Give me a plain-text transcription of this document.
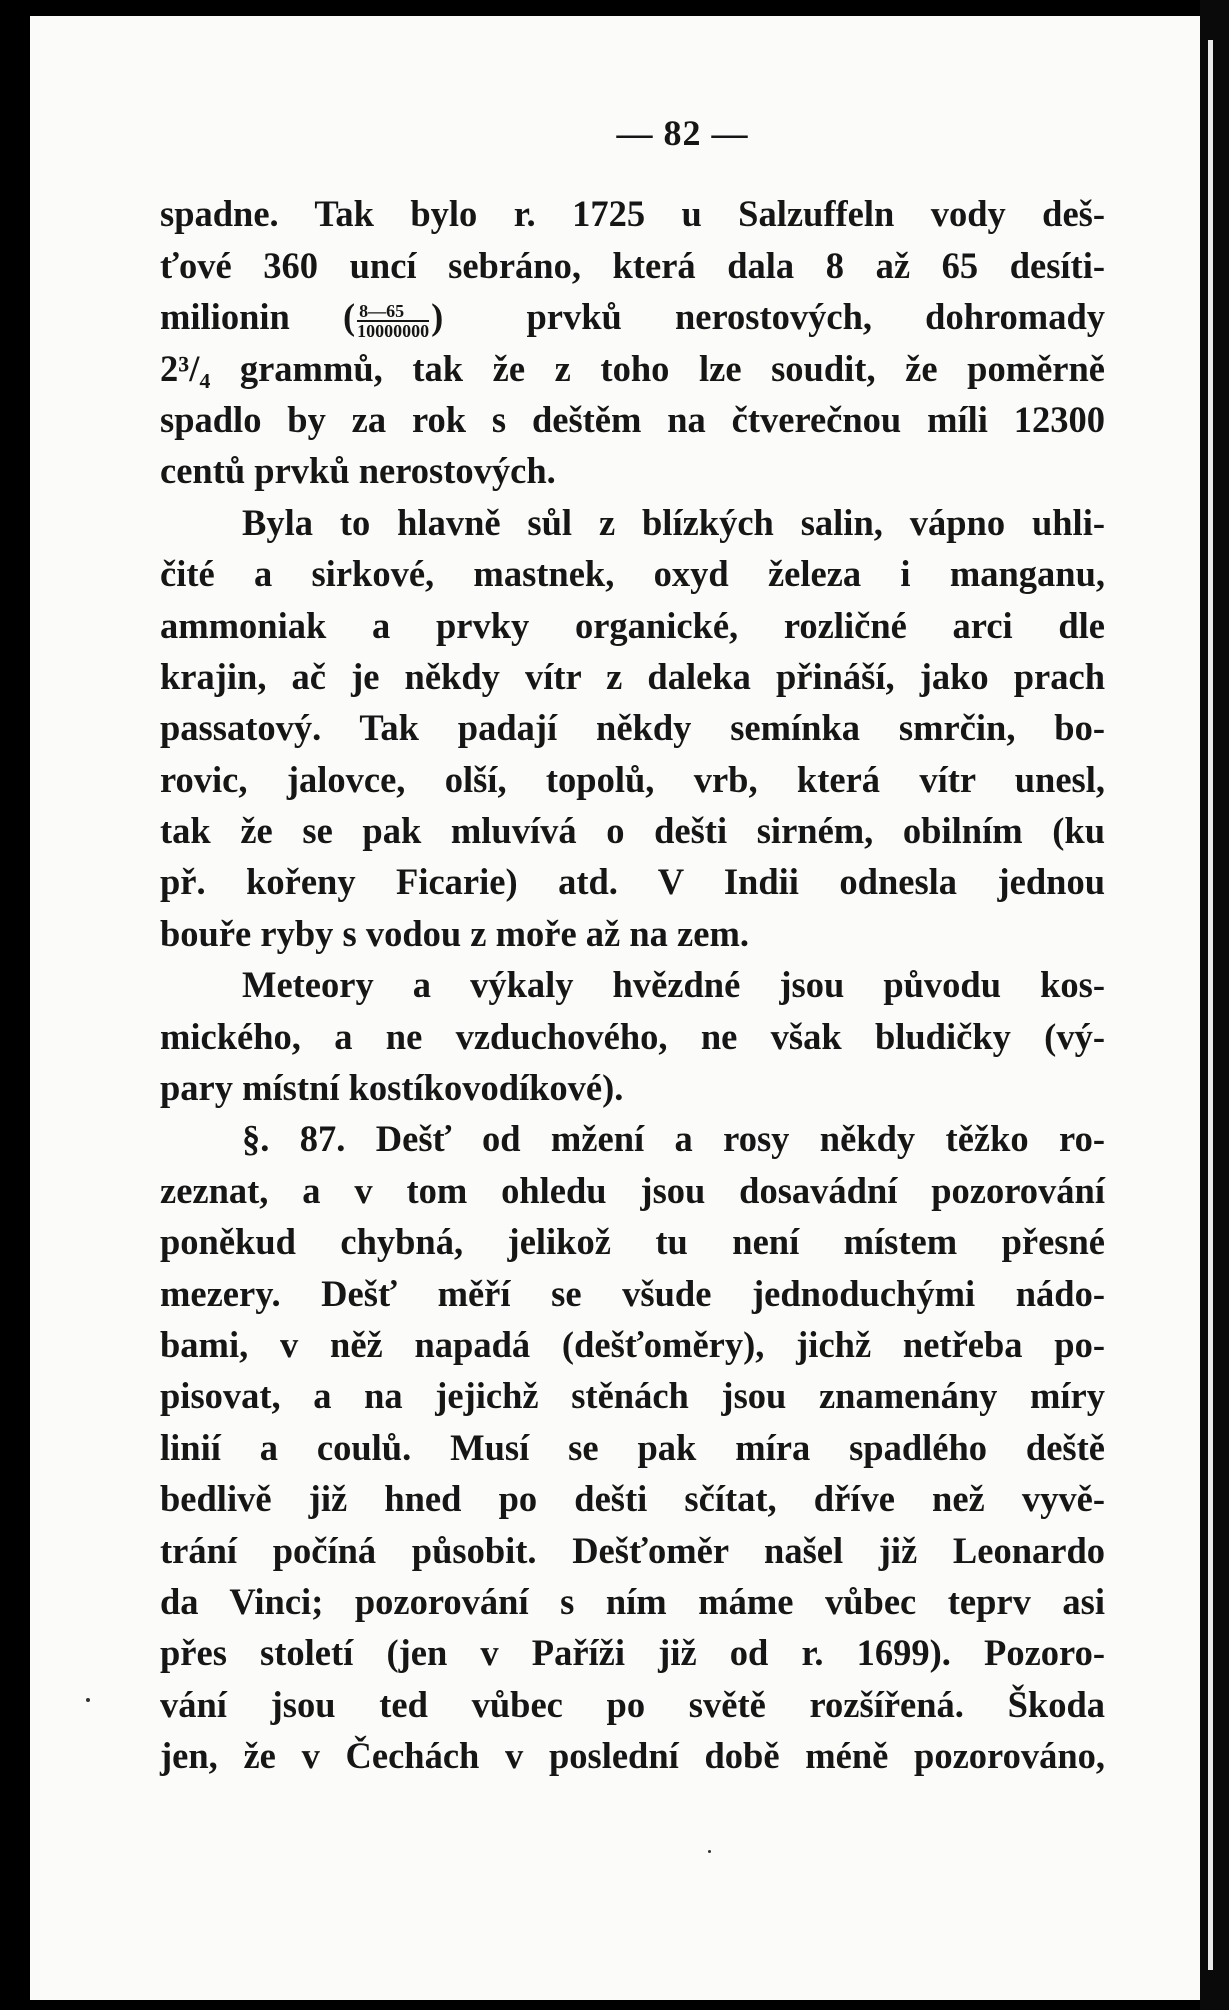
— 82 —
spadne. Tak bylo r. 1725 u Salzuffeln vody deš-
ťové 360 uncí sebráno, která dala 8 až 65 desíti-
milionin ( $\frac{8—65}{10000000}$ ) prvků nerostových, dohromady
2³/₄ grammů, tak že z toho lze soudit, že poměrně
spadlo by za rok s deštěm na čtverečnou míli 12300
centů prvků nerostových.
Byla to hlavně sůl z blízkých salin, vápno uhli-
čité a sirkové, mastnek, oxyd železa i manganu,
ammoniak a prvky organické, rozličné arci dle
krajin, ač je někdy vítr z daleka přináší, jako prach
passatový. Tak padají někdy semínka smrčin, bo-
rovic, jalovce, olší, topolů, vrb, která vítr unesl,
tak že se pak mluvívá o dešti sirném, obilním (ku
př. kořeny Ficarie) atd. V Indii odnesla jednou
bouře ryby s vodou z moře až na zem.
Meteory a výkaly hvězdné jsou původu kos-
mického, a ne vzduchového, ne však bludičky (vý-
pary místní kostíkovodíkové).
§. 87. Dešť od mžení a rosy někdy těžko ro-
zeznat, a v tom ohledu jsou dosavádní pozorování
poněkud chybná, jelikož tu není místem přesné
mezery. Dešť měří se všude jednoduchými nádo-
bami, v něž napadá (dešťoměry), jichž netřeba po-
pisovat, a na jejichž stěnách jsou znamenány míry
linií a coulů. Musí se pak míra spadlého deště
bedlivě již hned po dešti sčítat, dříve než vyvě-
trání počíná působit. Dešťoměr našel již Leonardo
da Vinci; pozorování s ním máme vůbec teprv asi
přes století (jen v Paříži již od r. 1699). Pozoro-
vání jsou ted vůbec po světě rozšířená. Škoda
jen, že v Čechách v poslední době méně pozorováno,
